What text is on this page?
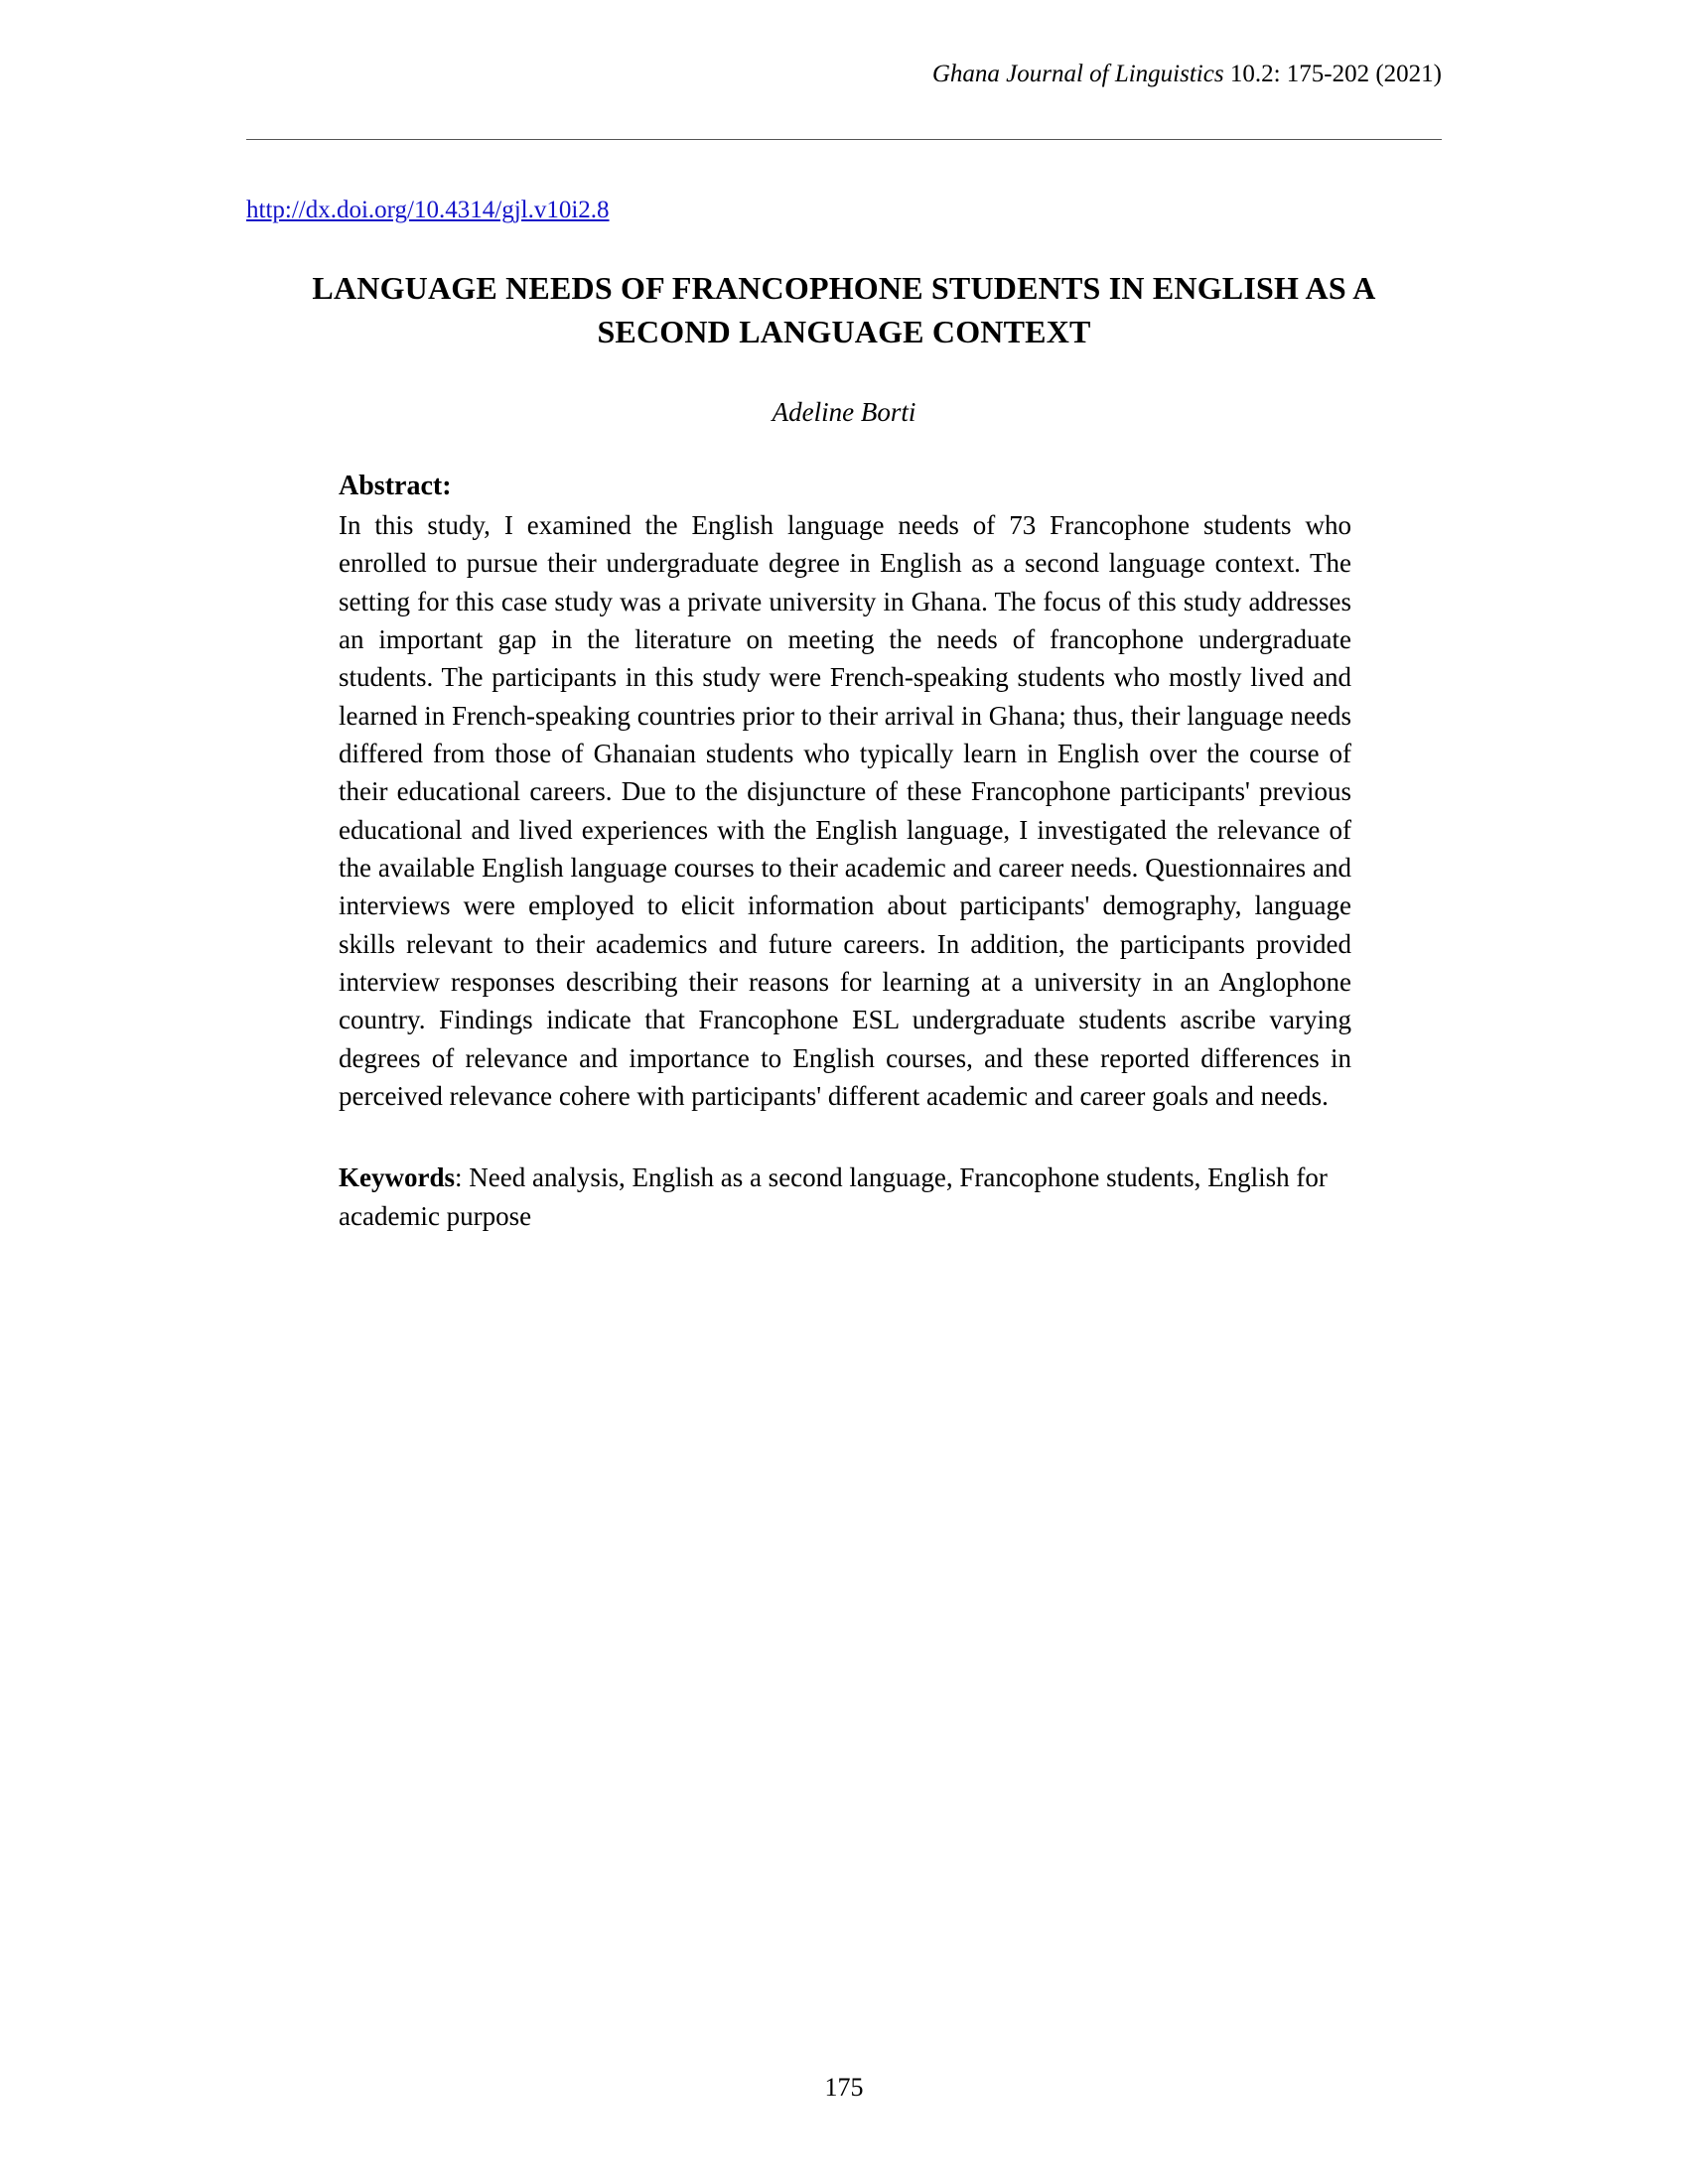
Ghana Journal of Linguistics 10.2: 175-202 (2021)
http://dx.doi.org/10.4314/gjl.v10i2.8
LANGUAGE NEEDS OF FRANCOPHONE STUDENTS IN ENGLISH AS A SECOND LANGUAGE CONTEXT
Adeline Borti
Abstract:
In this study, I examined the English language needs of 73 Francophone students who enrolled to pursue their undergraduate degree in English as a second language context. The setting for this case study was a private university in Ghana. The focus of this study addresses an important gap in the literature on meeting the needs of francophone undergraduate students. The participants in this study were French-speaking students who mostly lived and learned in French-speaking countries prior to their arrival in Ghana; thus, their language needs differed from those of Ghanaian students who typically learn in English over the course of their educational careers. Due to the disjuncture of these Francophone participants' previous educational and lived experiences with the English language, I investigated the relevance of the available English language courses to their academic and career needs. Questionnaires and interviews were employed to elicit information about participants' demography, language skills relevant to their academics and future careers. In addition, the participants provided interview responses describing their reasons for learning at a university in an Anglophone country. Findings indicate that Francophone ESL undergraduate students ascribe varying degrees of relevance and importance to English courses, and these reported differences in perceived relevance cohere with participants' different academic and career goals and needs.
Keywords: Need analysis, English as a second language, Francophone students, English for academic purpose
175
